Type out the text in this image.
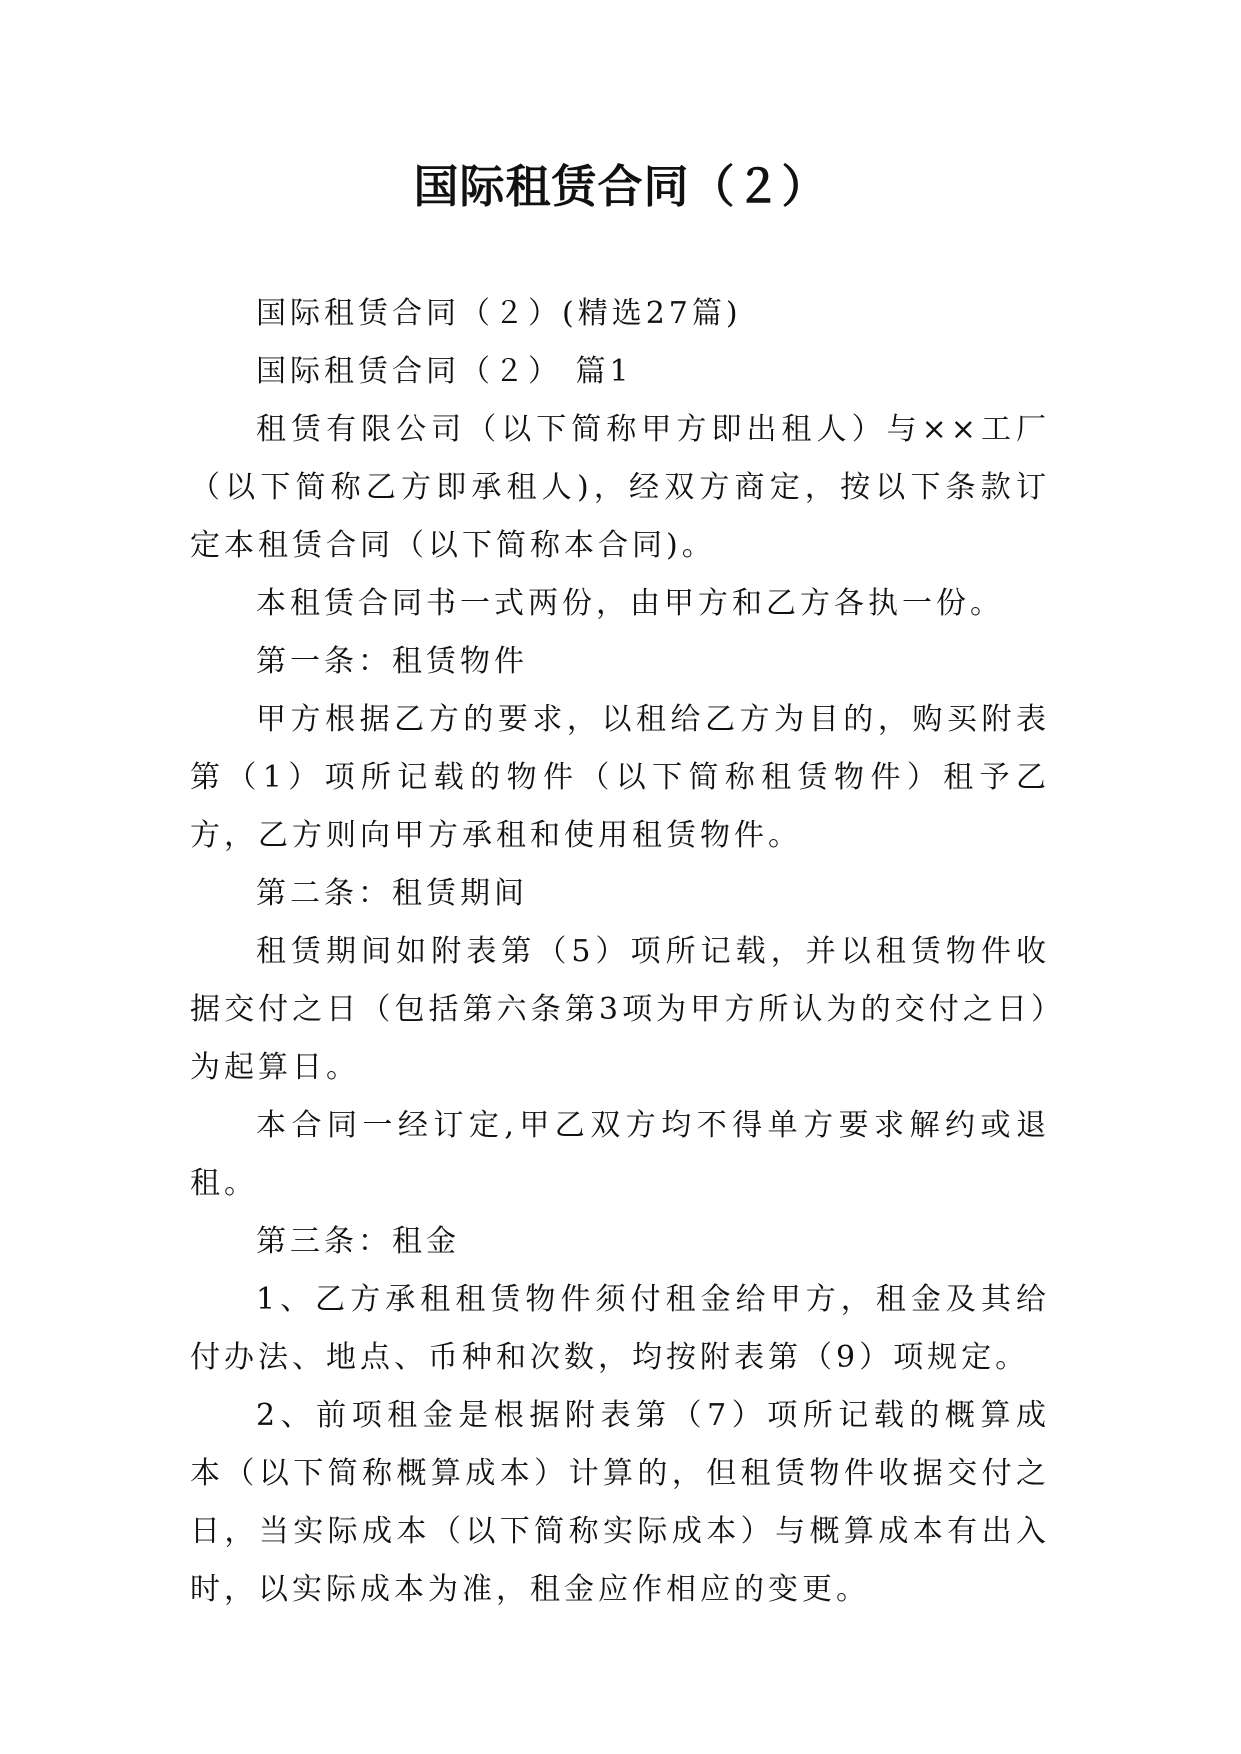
国际租赁合同（２）

国际租赁合同（２）(精选27篇)

国际租赁合同（２） 篇1

租赁有限公司（以下简称甲方即出租人）与××工厂（以下简称乙方即承租人)，经双方商定，按以下条款订定本租赁合同（以下简称本合同)。

本租赁合同书一式两份，由甲方和乙方各执一份。

第一条：租赁物件

甲方根据乙方的要求，以租给乙方为目的，购买附表第（1）项所记载的物件（以下简称租赁物件）租予乙方，乙方则向甲方承租和使用租赁物件。

第二条：租赁期间

租赁期间如附表第（5）项所记载，并以租赁物件收据交付之日（包括第六条第3项为甲方所认为的交付之日）为起算日。

本合同一经订定,甲乙双方均不得单方要求解约或退租。

第三条：租金

1、乙方承租租赁物件须付租金给甲方，租金及其给付办法、地点、币种和次数，均按附表第（9）项规定。

2、前项租金是根据附表第（7）项所记载的概算成本（以下简称概算成本）计算的，但租赁物件收据交付之日，当实际成本（以下简称实际成本）与概算成本有出入时，以实际成本为准，租金应作相应的变更。
